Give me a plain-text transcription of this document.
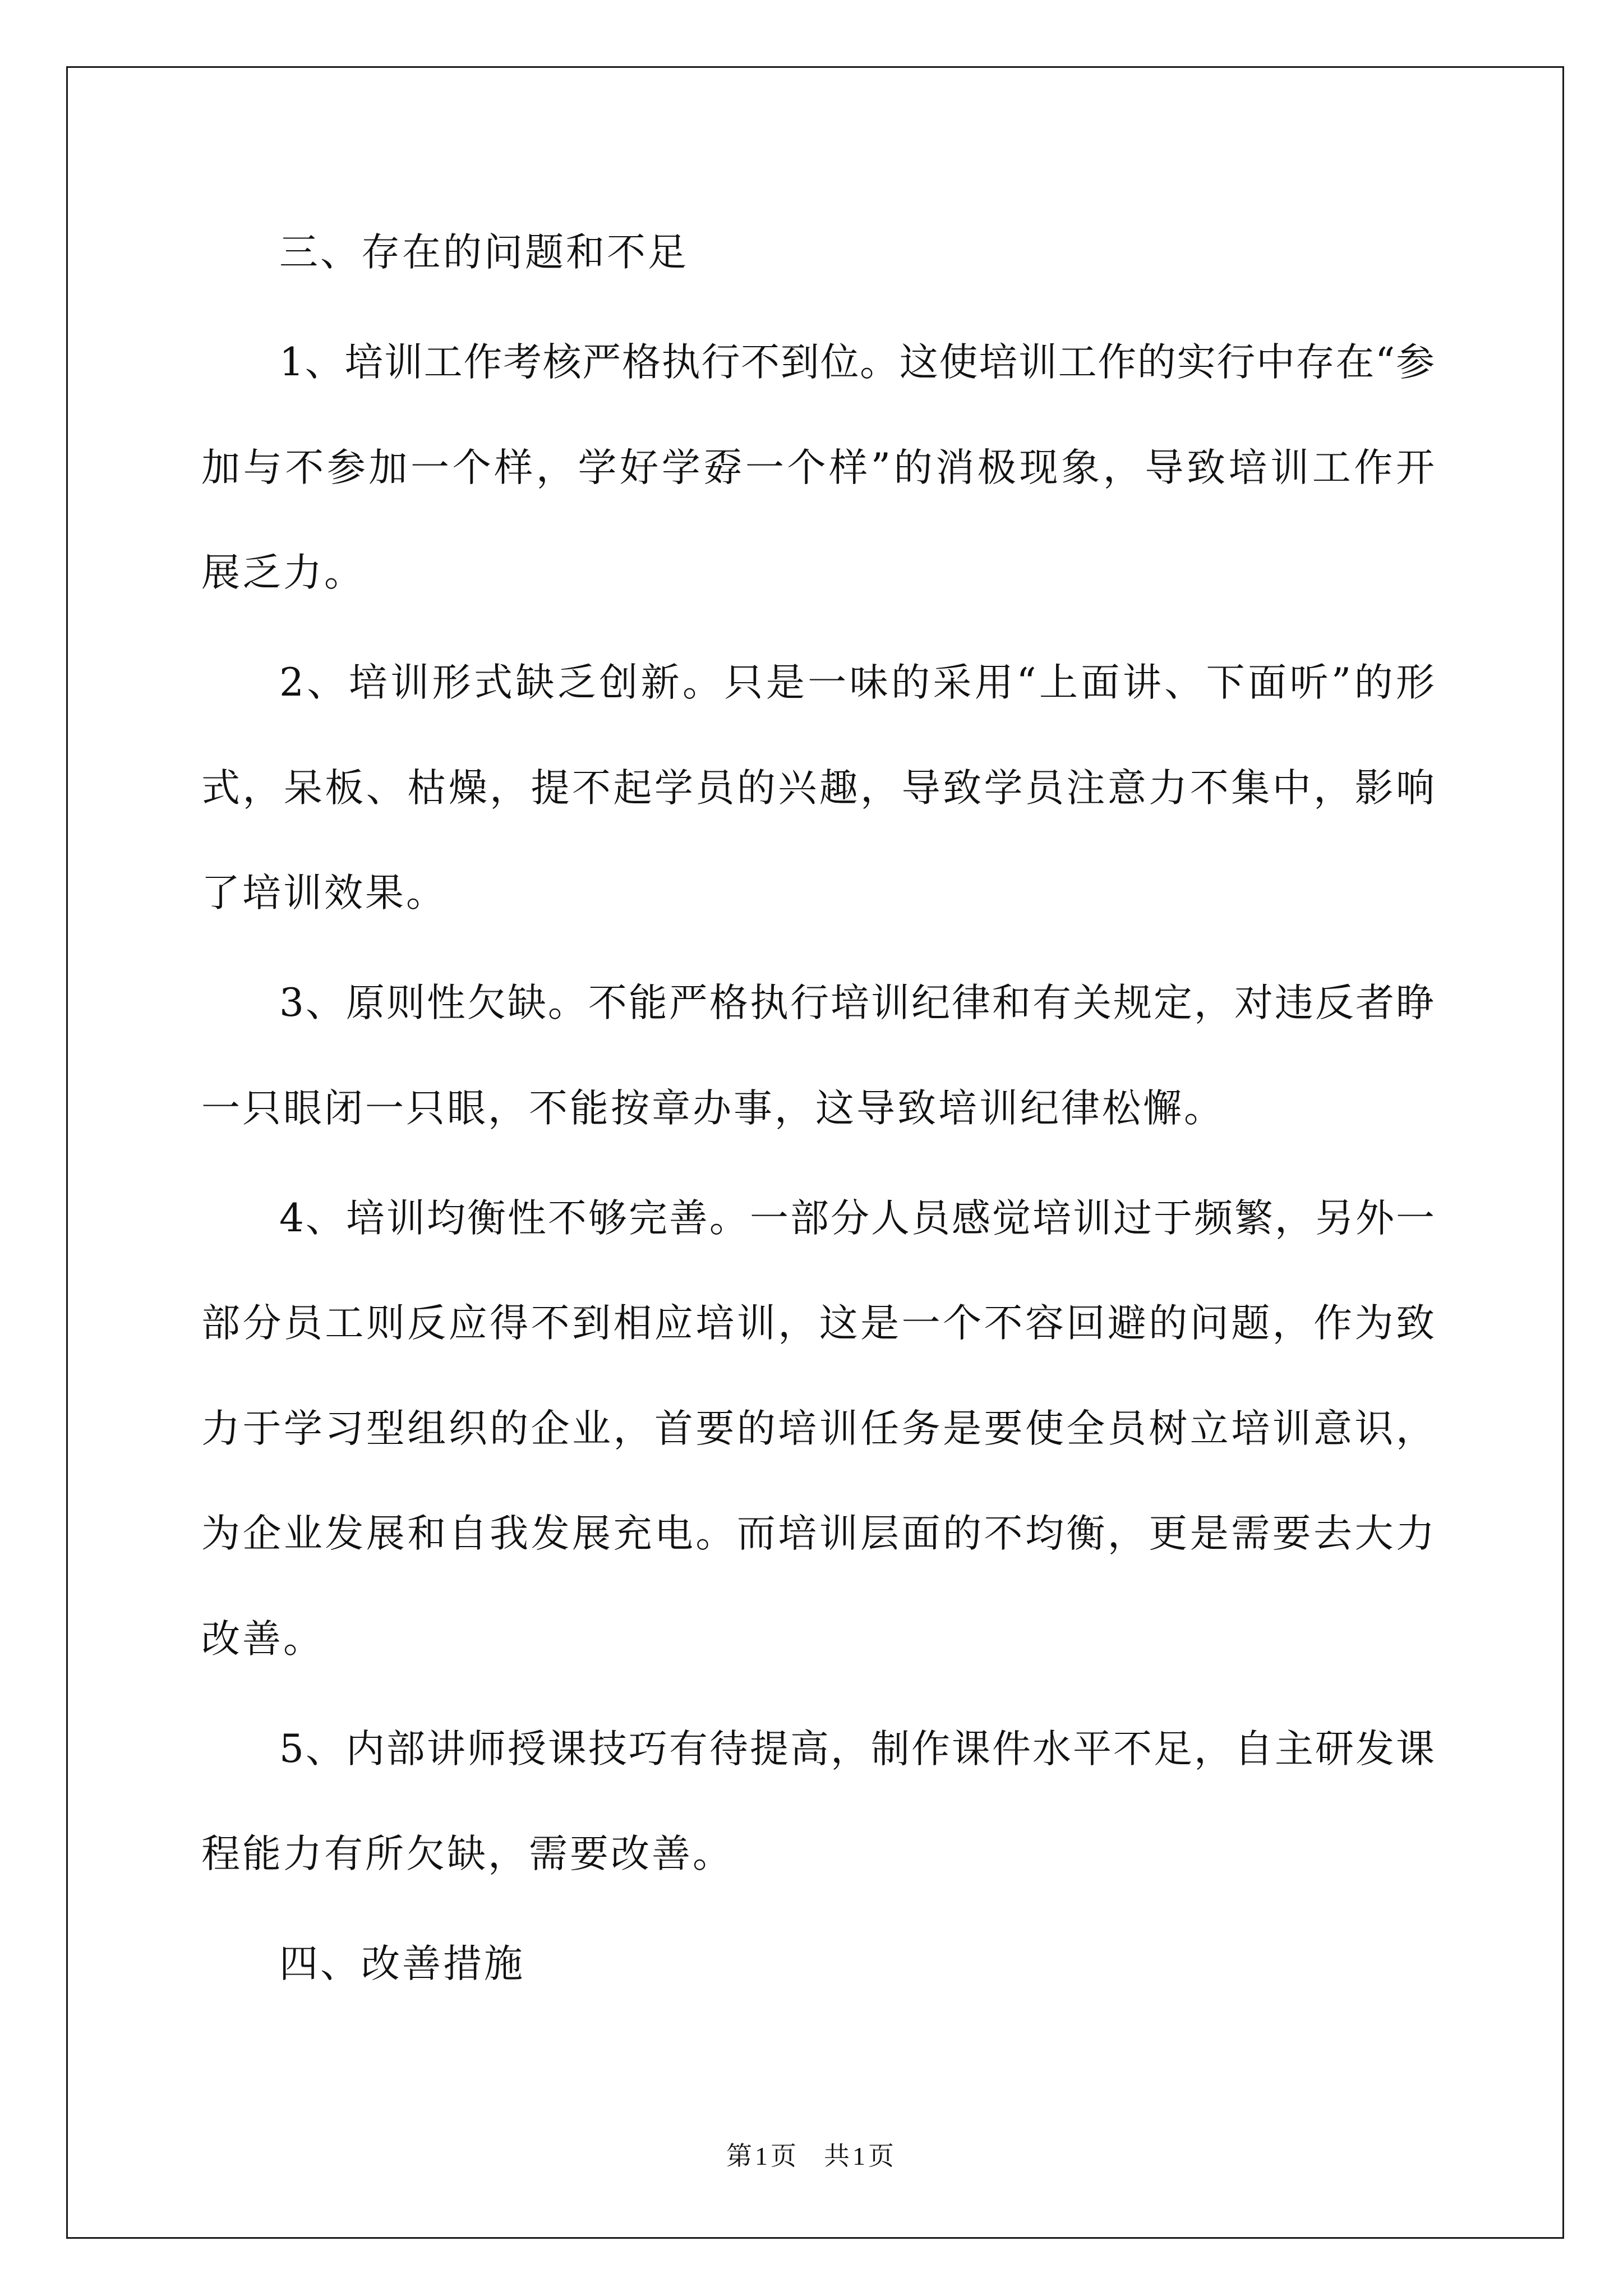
三、存在的问题和不足
1、培训工作考核严格执行不到位。这使培训工作的实行中存在“参
加与不参加一个样，学好学孬一个样”的消极现象，导致培训工作开
展乏力。
2、培训形式缺乏创新。只是一味的采用“上面讲、下面听”的形
式，呆板、枯燥，提不起学员的兴趣，导致学员注意力不集中，影响
了培训效果。
3、原则性欠缺。不能严格执行培训纪律和有关规定，对违反者睁
一只眼闭一只眼，不能按章办事，这导致培训纪律松懈。
4、培训均衡性不够完善。一部分人员感觉培训过于频繁，另外一
部分员工则反应得不到相应培训，这是一个不容回避的问题，作为致
力于学习型组织的企业，首要的培训任务是要使全员树立培训意识，
为企业发展和自我发展充电。而培训层面的不均衡，更是需要去大力
改善。
5、内部讲师授课技巧有待提高，制作课件水平不足，自主研发课
程能力有所欠缺，需要改善。
四、改善措施
第1页 共1页
